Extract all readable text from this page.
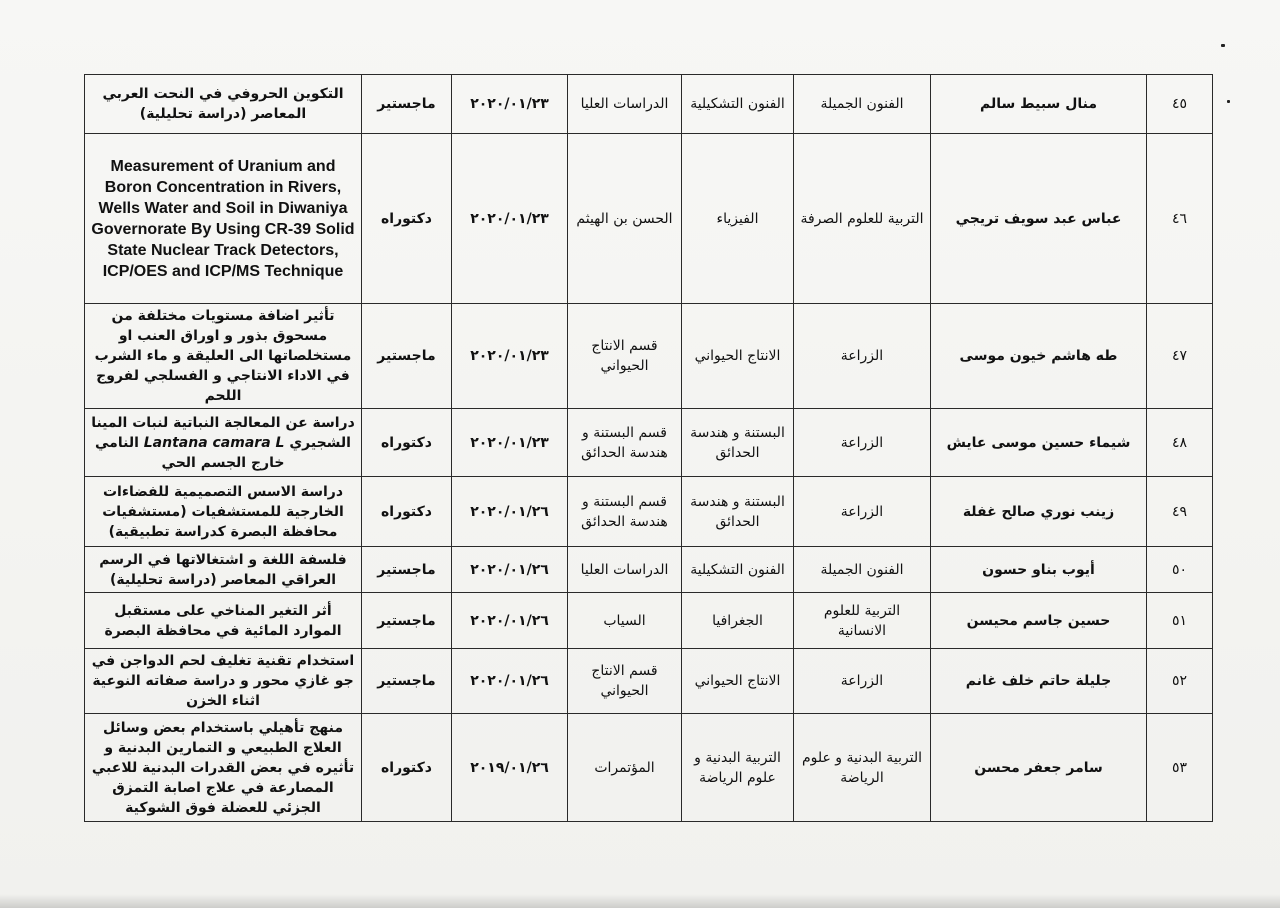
٤٥	منال سبيط سالم	الفنون الجميلة	الفنون التشكيلية	الدراسات العليا	٢٠٢٠/٠١/٢٣	ماجستير	التكوين الحروفي في النحت العربي المعاصر (دراسة تحليلية)
٤٦	عباس عبد سويف تريجي	التربية للعلوم الصرفة	الفيزياء	الحسن بن الهيثم	٢٠٢٠/٠١/٢٣	دكتوراه	Measurement of Uranium and Boron Concentration in Rivers, Wells Water and Soil in Diwaniya Governorate By Using CR-39 Solid State Nuclear Track Detectors, ICP/OES and ICP/MS Technique
٤٧	طه هاشم خيون موسى	الزراعة	الانتاج الحيواني	قسم الانتاج الحيواني	٢٠٢٠/٠١/٢٣	ماجستير	تأثير اضافة مستويات مختلفة من مسحوق بذور و اوراق العنب او مستخلصاتها الى العليقة و ماء الشرب في الاداء الانتاجي و الفسلجي لفروج اللحم
٤٨	شيماء حسين موسى عايش	الزراعة	البستنة و هندسة الحدائق	قسم البستنة و هندسة الحدائق	٢٠٢٠/٠١/٢٣	دكتوراه	دراسة عن المعالجة النباتية لنبات المينا الشجيري Lantana camara L النامي خارج الجسم الحي
٤٩	زينب نوري صالح غفلة	الزراعة	البستنة و هندسة الحدائق	قسم البستنة و هندسة الحدائق	٢٠٢٠/٠١/٢٦	دكتوراه	دراسة الاسس التصميمية للفضاءات الخارجية للمستشفيات (مستشفيات محافظة البصرة كدراسة تطبيقية)
٥٠	أيوب بناو حسون	الفنون الجميلة	الفنون التشكيلية	الدراسات العليا	٢٠٢٠/٠١/٢٦	ماجستير	فلسفة اللغة و اشتغالاتها في الرسم العراقي المعاصر (دراسة تحليلية)
٥١	حسين جاسم محيسن	التربية للعلوم الانسانية	الجغرافيا	السياب	٢٠٢٠/٠١/٢٦	ماجستير	أثر التغير المناخي على مستقبل الموارد المائية في محافظة البصرة
٥٢	جليلة حاتم خلف غانم	الزراعة	الانتاج الحيواني	قسم الانتاج الحيواني	٢٠٢٠/٠١/٢٦	ماجستير	استخدام تقنية تغليف لحم الدواجن في جو غازي محور و دراسة صفاته النوعية اثناء الخزن
٥٣	سامر جعفر محسن	التربية البدنية و علوم الرياضة	التربية البدنية و علوم الرياضة	المؤتمرات	٢٠١٩/٠١/٢٦	دكتوراه	منهج تأهيلي باستخدام بعض وسائل العلاج الطبيعي و التمارين البدنية و تأثيره في بعض القدرات البدنية للاعبي المصارعة في علاج اصابة التمزق الجزئي للعضلة فوق الشوكية
